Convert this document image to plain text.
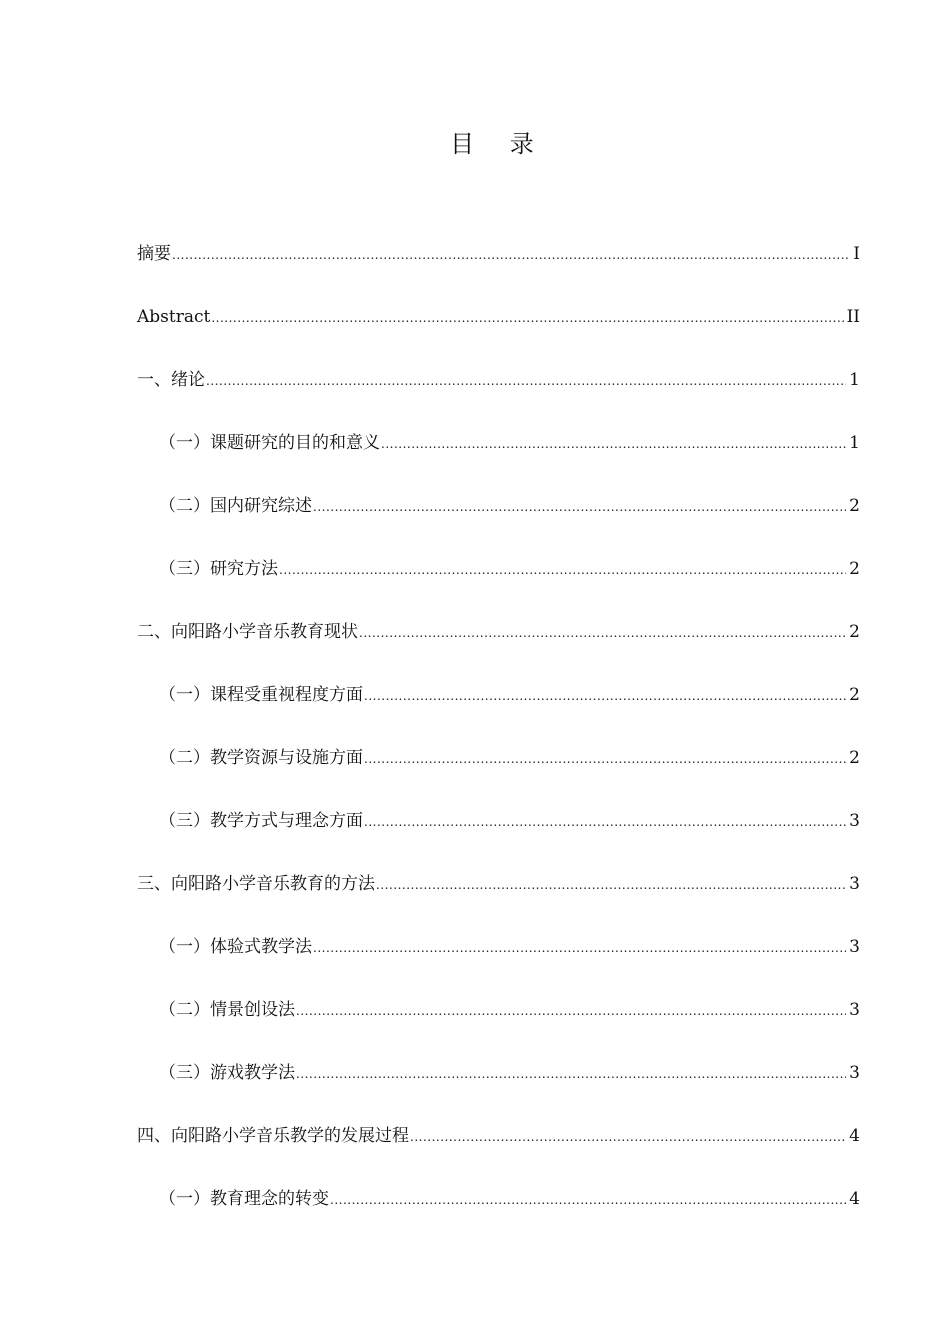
目 录
摘要 .....	I
Abstract .....	II
一、绪论 .....	1
（一）课题研究的目的和意义 .....	1
（二）国内研究综述 .....	2
（三）研究方法 .....	2
二、向阳路小学音乐教育现状 .....	2
（一）课程受重视程度方面 .....	2
（二）教学资源与设施方面 .....	2
（三）教学方式与理念方面 .....	3
三、向阳路小学音乐教育的方法 .....	3
（一）体验式教学法 .....	3
（二）情景创设法 .....	3
（三）游戏教学法 .....	3
四、向阳路小学音乐教学的发展过程 .....	4
（一）教育理念的转变 .....	4
